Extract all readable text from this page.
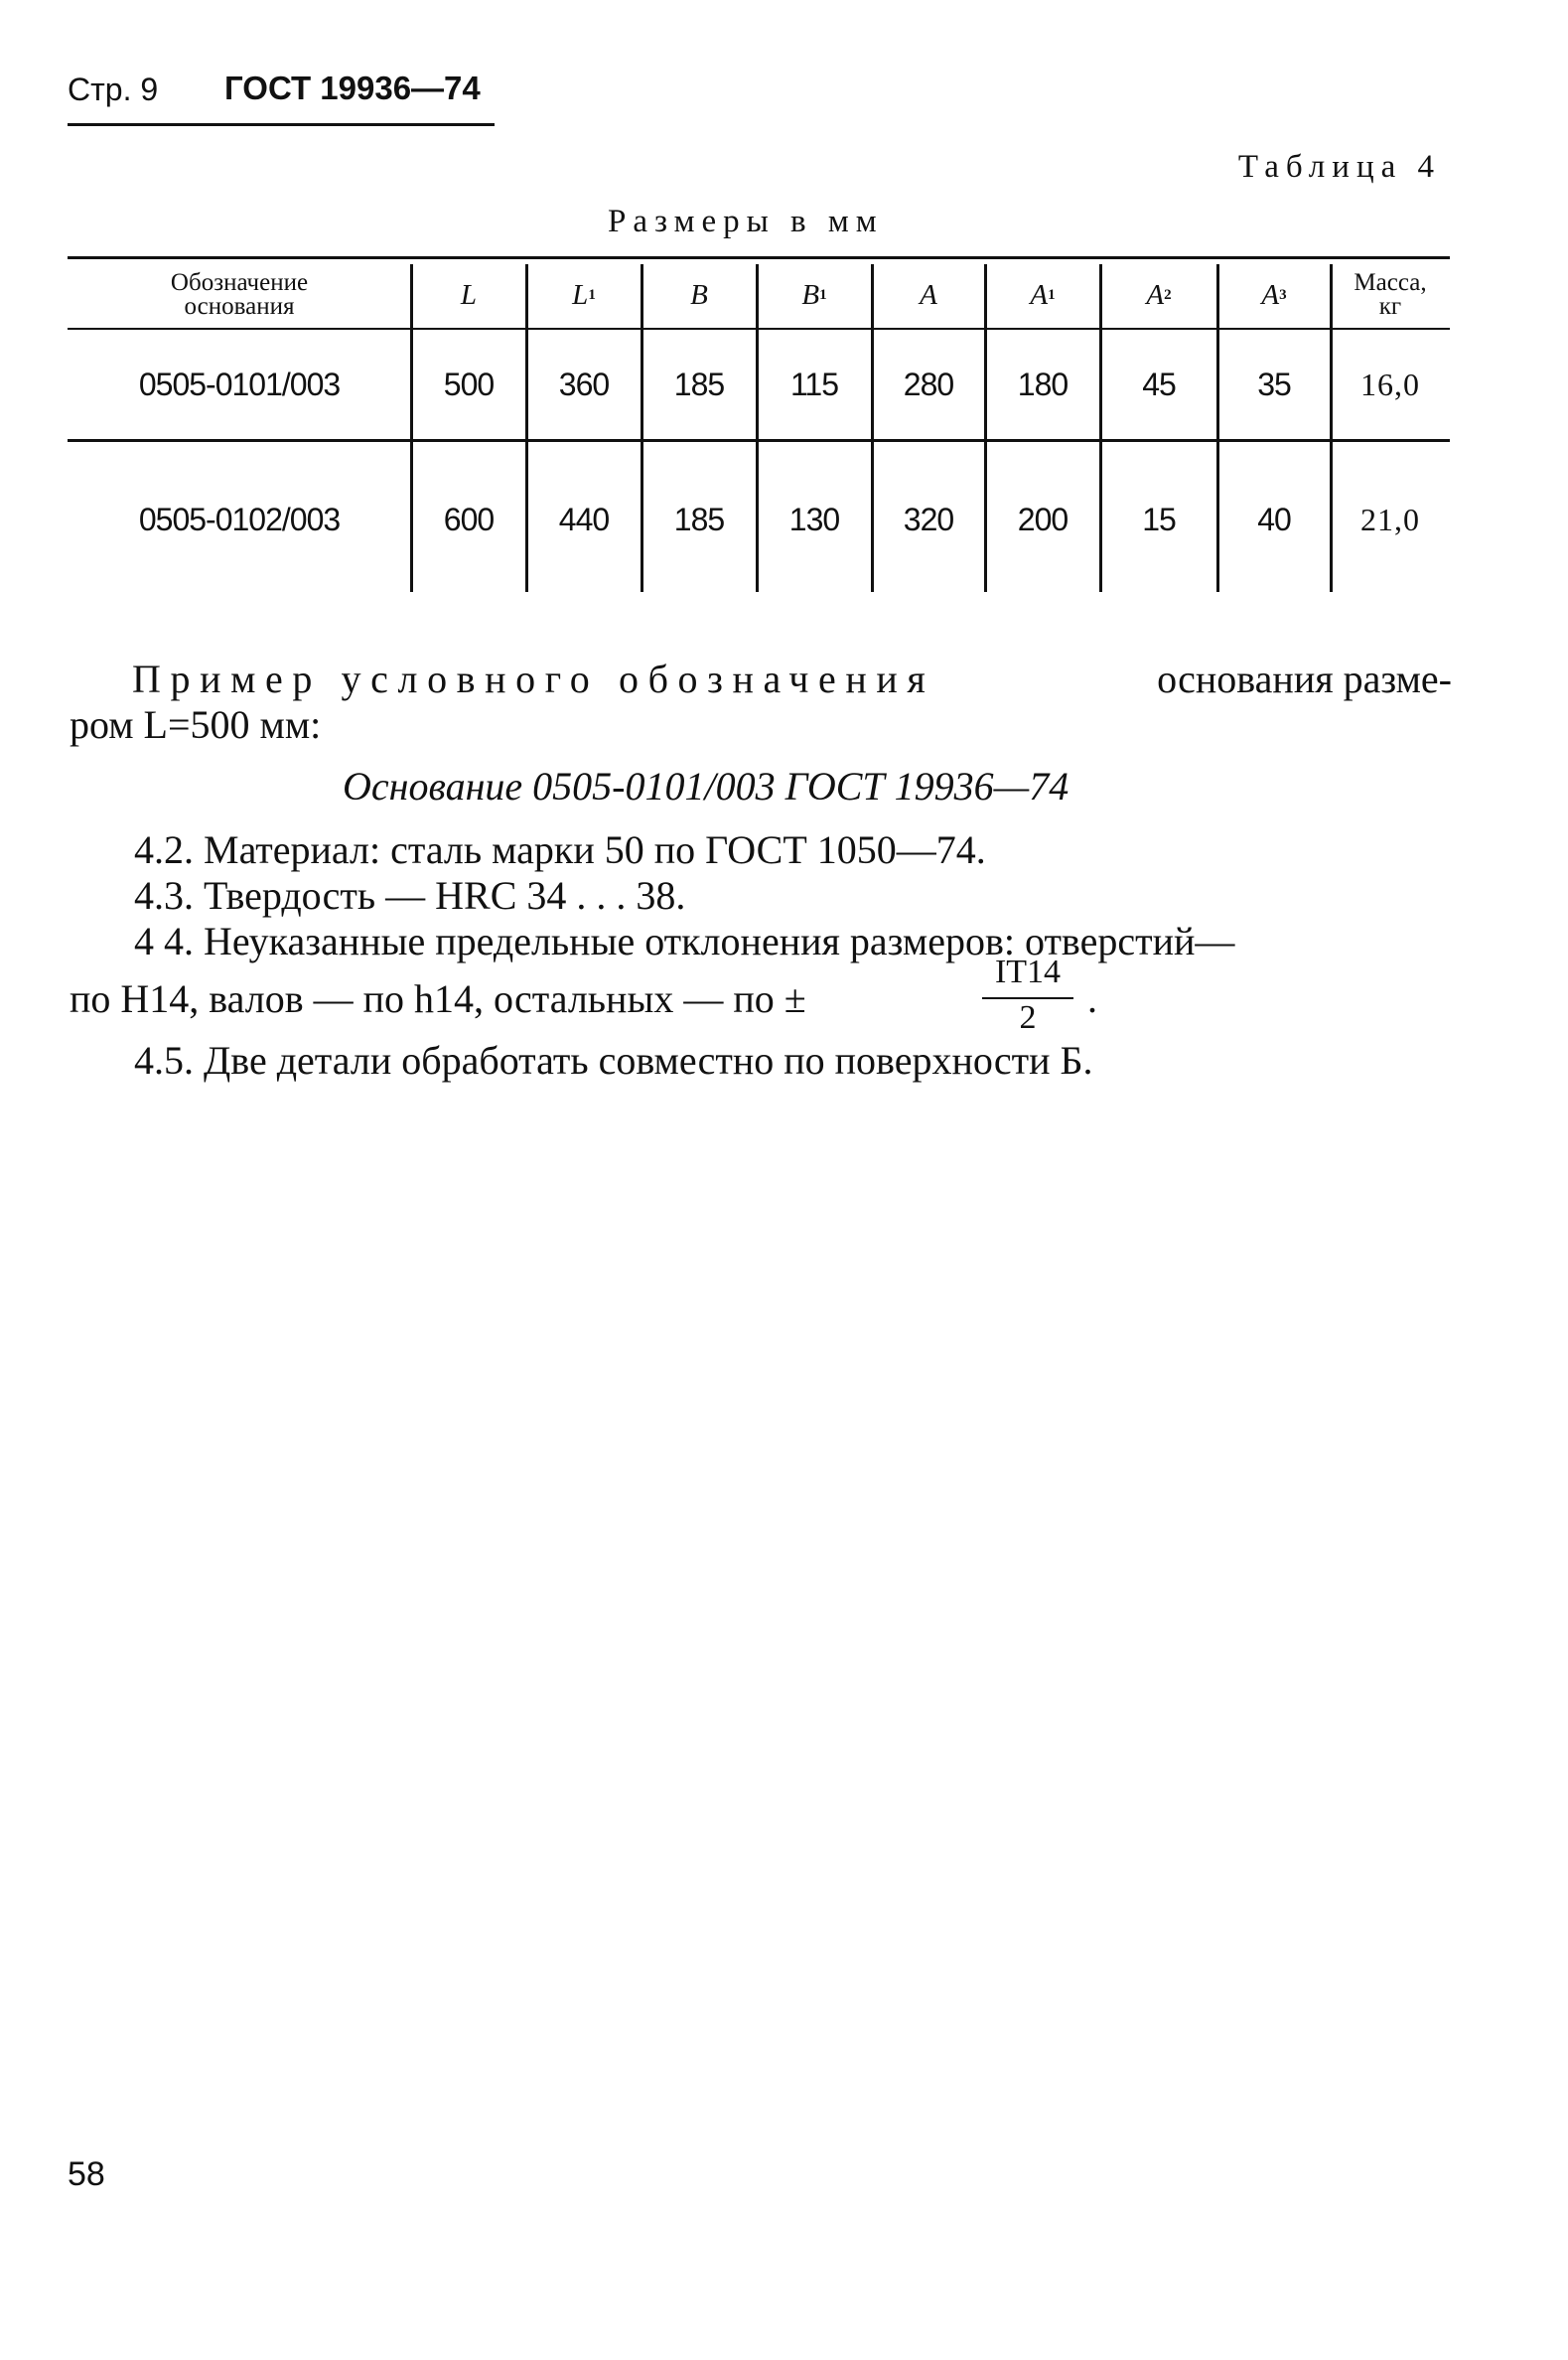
Стр. 9 ГОСТ 19936—74
Таблица 4
Размеры в мм
Обозначение
основания	L	L 1	B	B 1	A	A 1	A 2	A 3	Масса,
кг
0505-0101/003	500	360	185	115	280	180	45	35	16,0
0505-0102/003	600	440	185	130	320	200	15	40	21,0
Пример условного обозначения	основания разме-
ром L=500 мм:
Основание 0505-0101/003 ГОСТ 19936—74
4.2. Материал: сталь марки 50 по ГОСТ 1050—74.
4.3. Твердость — HRC 34 . . . 38.
4 4. Неуказанные предельные отклонения размеров: отверстий—
по Н14, валов — по h14, остальных — по ±
IT14
2	.
4.5. Две детали обработать совместно по поверхности Б.
58
